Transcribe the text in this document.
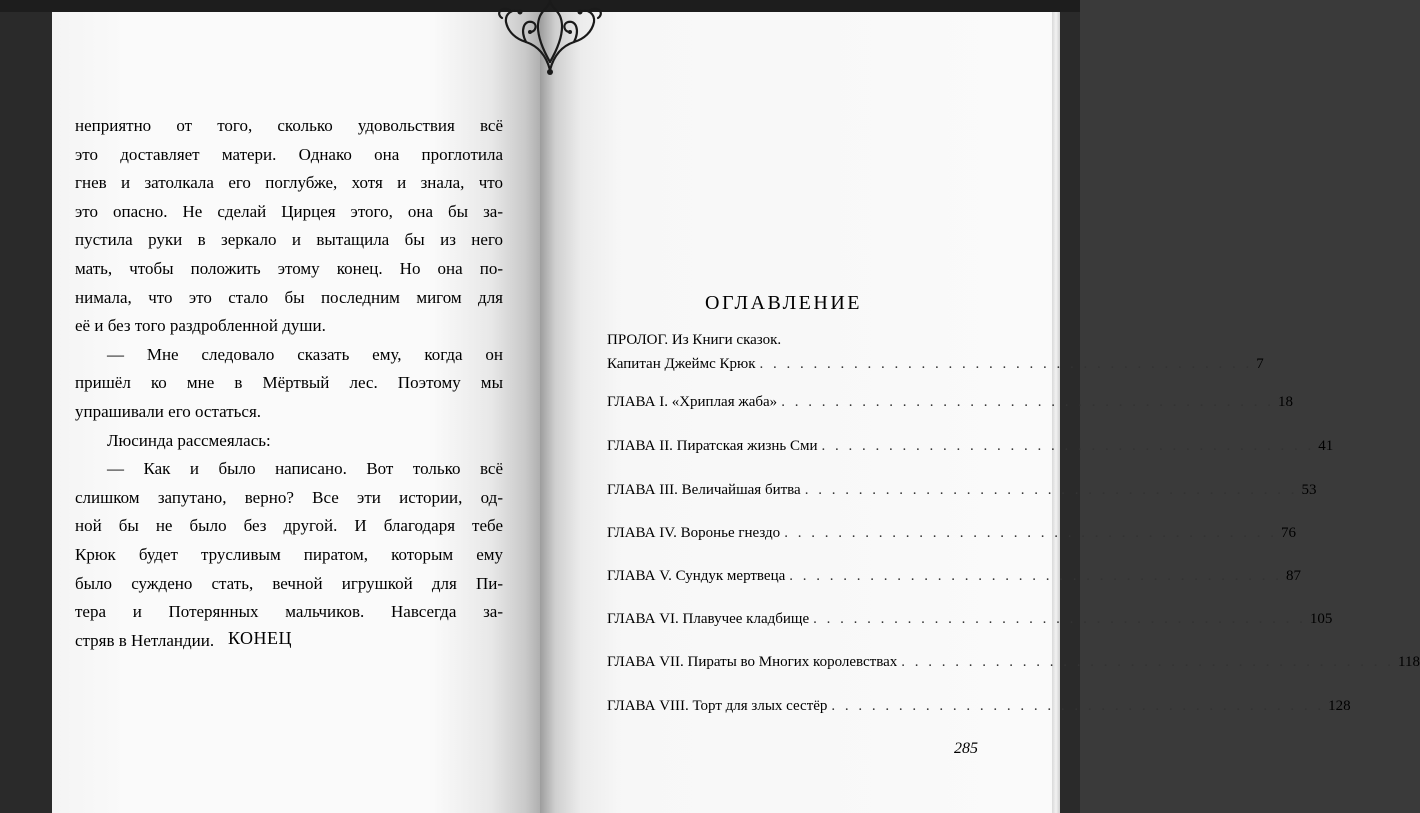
неприятно от того, сколько удовольствия всё

это доставляет матери. Однако она проглотила

гнев и затолкала его поглубже, хотя и знала, что

это опасно. Не сделай Цирцея этого, она бы за-

пустила руки в зеркало и вытащила бы из него

мать, чтобы положить этому конец. Но она по-

нимала, что это стало бы последним мигом для

её и без того раздробленной души.

— Мне следовало сказать ему, когда он

пришёл ко мне в Мёртвый лес. Поэтому мы

упрашивали его остаться.

Люсинда рассмеялась:

— Как и было написано. Вот только всё

слишком запутано, верно? Все эти истории, од-

ной бы не было без другой. И благодаря тебе

Крюк будет трусливым пиратом, которым ему

было суждено стать, вечной игрушкой для Пи-

тера и Потерянных мальчиков. Навсегда за-

стряв в Нетландии. КОНЕЦ
ОГЛАВЛЕНИЕ
ПРОЛОГ. Из Книги сказок.
Капитан Джеймс Крюк . . . . . . . . . . . . . . . . . . . . . . . . . . . . . . . . . . . . . 7
ГЛАВА I. «Хриплая жаба» . . . . . . . . . . . . . . . . . . . . . . . . . . . . . . . . . . . . . 18
ГЛАВА II. Пиратская жизнь Сми . . . . . . . . . . . . . . . . . . . . . . . . . . . . . . . . . . . . . 41
ГЛАВА III. Величайшая битва . . . . . . . . . . . . . . . . . . . . . . . . . . . . . . . . . . . . . 53
ГЛАВА IV. Воронье гнездо . . . . . . . . . . . . . . . . . . . . . . . . . . . . . . . . . . . . . 76
ГЛАВА V. Сундук мертвеца . . . . . . . . . . . . . . . . . . . . . . . . . . . . . . . . . . . . . 87
ГЛАВА VI. Плавучее кладбище . . . . . . . . . . . . . . . . . . . . . . . . . . . . . . . . . . . . . 105
ГЛАВА VII. Пираты во Многих королевствах . . . . . . . . . . . . . . . . . . . . . . . . . . . . . . . . . . . . . 118
ГЛАВА VIII. Торт для злых сестёр . . . . . . . . . . . . . . . . . . . . . . . . . . . . . . . . . . . . . 128
285
